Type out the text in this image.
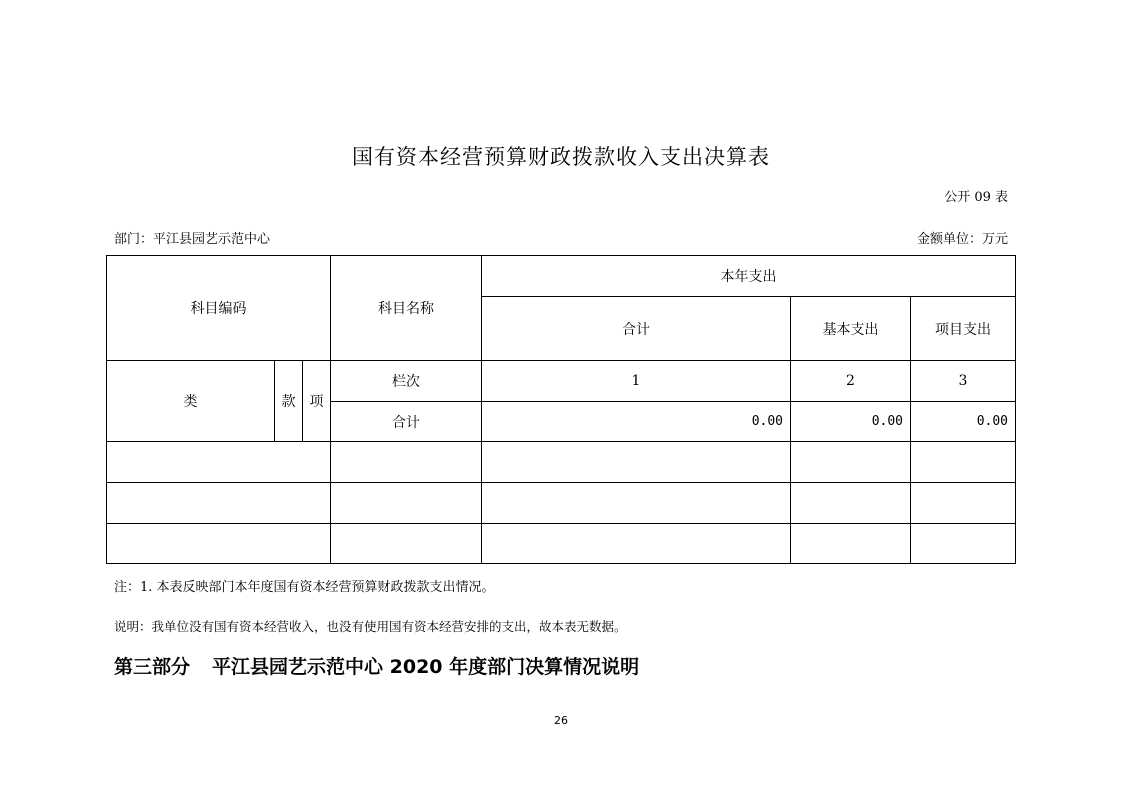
国有资本经营预算财政拨款收入支出决算表
公开 09 表
部门：平江县园艺示范中心	金额单位：万元
科目编码	科目名称
本年支出
合计	基本支出	项目支出
类	款	项
栏次	1	2	3
合计	0.00	0.00	0.00
注：1. 本表反映部门本年度国有资本经营预算财政拨款支出情况。
说明：我单位没有国有资本经营收入，也没有使用国有资本经营安排的支出，故本表无数据。
第三部分 平江县园艺示范中心 2020 年度部门决算情况说明
26
